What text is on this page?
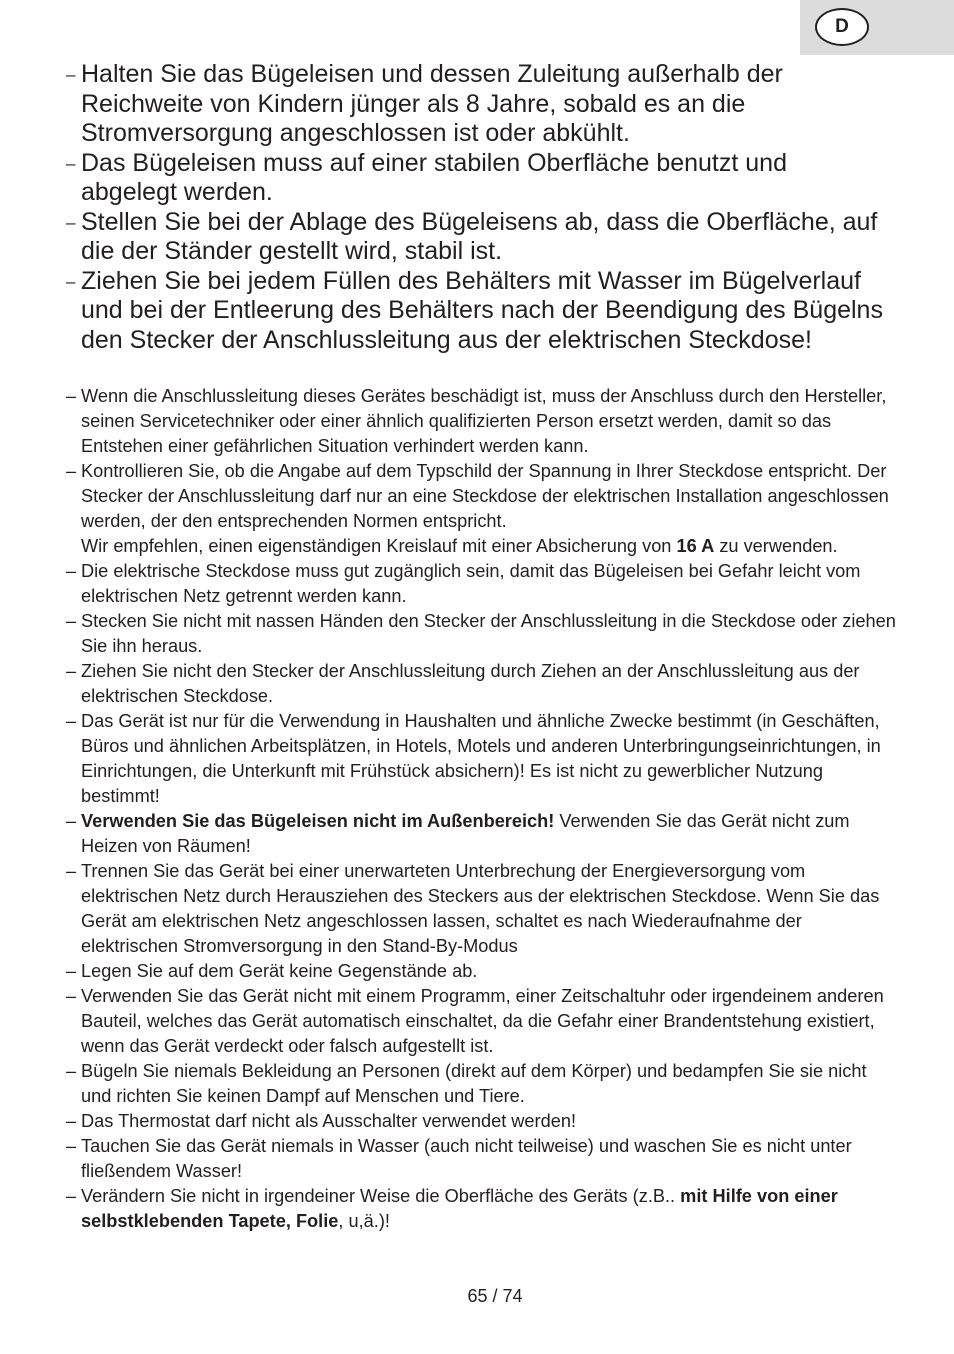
D
– Halten Sie das Bügeleisen und dessen Zuleitung außerhalb der Reichweite von Kindern jünger als 8 Jahre, sobald es an die Stromversorgung angeschlossen ist oder abkühlt.
– Das Bügeleisen muss auf einer stabilen Oberfläche benutzt und abgelegt werden.
– Stellen Sie bei der Ablage des Bügeleisens ab, dass die Oberfläche, auf die der Ständer gestellt wird, stabil ist.
– Ziehen Sie bei jedem Füllen des Behälters mit Wasser im Bügelverlauf und bei der Entleerung des Behälters nach der Beendigung des Bügelns den Stecker der Anschlussleitung aus der elektrischen Steckdose!
– Wenn die Anschlussleitung dieses Gerätes beschädigt ist, muss der Anschluss durch den Hersteller, seinen Servicetechniker oder einer ähnlich qualifizierten Person ersetzt werden, damit so das Entstehen einer gefährlichen Situation verhindert werden kann.
– Kontrollieren Sie, ob die Angabe auf dem Typschild der Spannung in Ihrer Steckdose entspricht. Der Stecker der Anschlussleitung darf nur an eine Steckdose der elektrischen Installation angeschlossen werden, der den entsprechenden Normen entspricht.
Wir empfehlen, einen eigenständigen Kreislauf mit einer Absicherung von 16 A zu verwenden.
– Die elektrische Steckdose muss gut zugänglich sein, damit das Bügeleisen bei Gefahr leicht vom elektrischen Netz getrennt werden kann.
– Stecken Sie nicht mit nassen Händen den Stecker der Anschlussleitung in die Steckdose oder ziehen Sie ihn heraus.
– Ziehen Sie nicht den Stecker der Anschlussleitung durch Ziehen an der Anschlussleitung aus der elektrischen Steckdose.
– Das Gerät ist nur für die Verwendung in Haushalten und ähnliche Zwecke bestimmt (in Geschäften, Büros und ähnlichen Arbeitsplätzen, in Hotels, Motels und anderen Unterbringungseinrichtungen, in Einrichtungen, die Unterkunft mit Frühstück absichern)! Es ist nicht zu gewerblicher Nutzung bestimmt!
– Verwenden Sie das Bügeleisen nicht im Außenbereich! Verwenden Sie das Gerät nicht zum Heizen von Räumen!
– Trennen Sie das Gerät bei einer unerwarteten Unterbrechung der Energieversorgung vom elektrischen Netz durch Herausziehen des Steckers aus der elektrischen Steckdose. Wenn Sie das Gerät am elektrischen Netz angeschlossen lassen, schaltet es nach Wiederaufnahme der elektrischen Stromversorgung in den Stand-By-Modus
– Legen Sie auf dem Gerät keine Gegenstände ab.
– Verwenden Sie das Gerät nicht mit einem Programm, einer Zeitschaltuhr oder irgendeinem anderen Bauteil, welches das Gerät automatisch einschaltet, da die Gefahr einer Brandentstehung existiert, wenn das Gerät verdeckt oder falsch aufgestellt ist.
– Bügeln Sie niemals Bekleidung an Personen (direkt auf dem Körper) und bedampfen Sie sie nicht und richten Sie keinen Dampf auf Menschen und Tiere.
– Das Thermostat darf nicht als Ausschalter verwendet werden!
– Tauchen Sie das Gerät niemals in Wasser (auch nicht teilweise) und waschen Sie es nicht unter fließendem Wasser!
– Verändern Sie nicht in irgendeiner Weise die Oberfläche des Geräts (z.B.. mit Hilfe von einer selbstklebenden Tapete, Folie, u,ä.)!
65 / 74
